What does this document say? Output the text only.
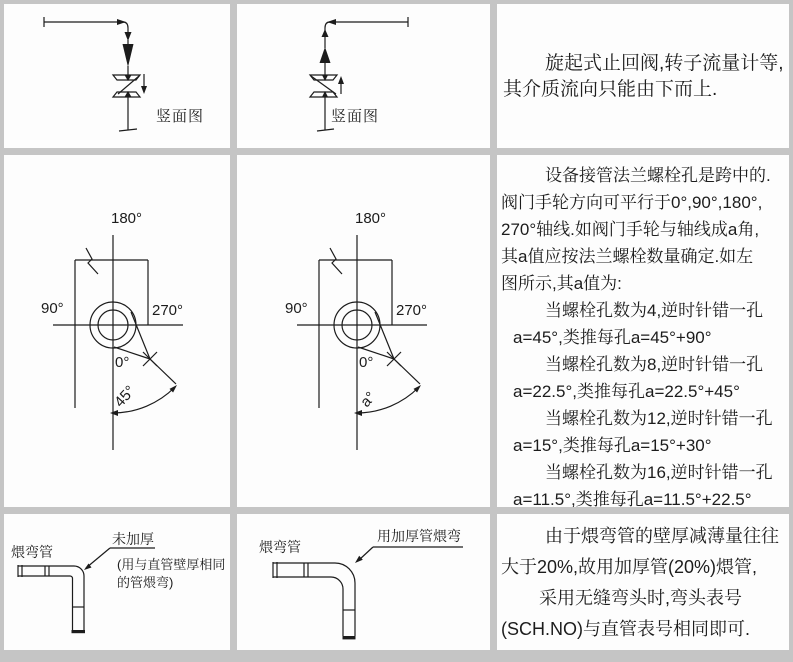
竖面图	竖面图
旋起式止回阀,转子流量计等,
其介质流向只能由下而上.
180°
90°	270°
0°
45°
180°
90°	270°
0°
a°
设备接管法兰螺栓孔是跨中的.
阀门手轮方向可平行于0°,90°,180°,
270°轴线.如阀门手轮与轴线成a角,
其a值应按法兰螺栓数量确定.如左
图所示,其a值为:
当螺栓孔数为4,逆时针错一孔
a=45°,类推每孔a=45°+90°
当螺栓孔数为8,逆时针错一孔
a=22.5°,类推每孔a=22.5°+45°
当螺栓孔数为12,逆时针错一孔
a=15°,类推每孔a=15°+30°
当螺栓孔数为16,逆时针错一孔
a=11.5°,类推每孔a=11.5°+22.5°
煨弯管
未加厚
(用与直管壁厚相同
的管煨弯)
煨弯管
用加厚管煨弯	由于煨弯管的壁厚减薄量往往
大于20%,故用加厚管(20%)煨管,
采用无缝弯头时,弯头表号
(SCH.NO)与直管表号相同即可.
